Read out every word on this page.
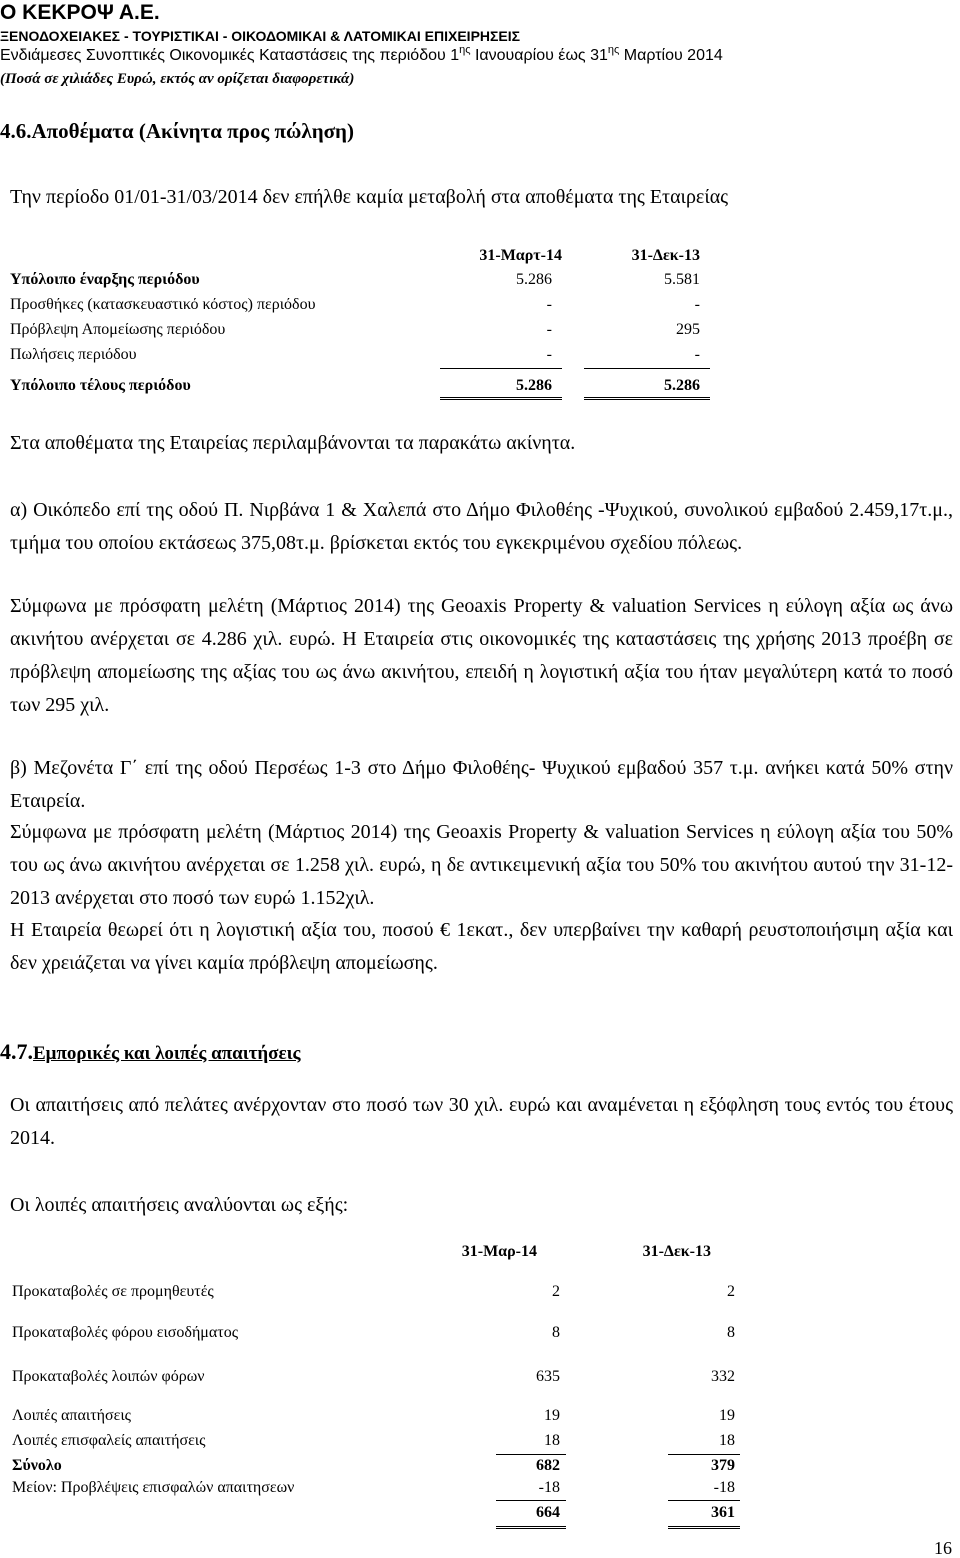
Ο ΚΕΚΡΟΨ Α.Ε.
ΞΕΝΟΔΟΧΕΙΑΚΕΣ - ΤΟΥΡΙΣΤΙΚΑΙ - ΟΙΚΟΔΟΜΙΚΑΙ & ΛΑΤΟΜΙΚΑΙ ΕΠΙΧΕΙΡΗΣΕΙΣ
Ενδιάμεσες Συνοπτικές Οικονομικές Καταστάσεις της περιόδου $1^{\eta\varsigma}$ Ιανουαρίου έως $31^{\eta\varsigma}$ Μαρτίου 2014
(Ποσά σε χιλιάδες Ευρώ, εκτός αν ορίζεται διαφορετικά)
4.6.Αποθέματα (Ακίνητα προς πώληση)
Την περίοδο 01/01-31/03/2014 δεν επήλθε καμία μεταβολή στα αποθέματα της Εταιρείας
31-Μαρτ-14	31-Δεκ-13
Υπόλοιπο έναρξης περιόδου	5.286	5.581
Προσθήκες (κατασκευαστικό κόστος) περιόδου	-	-
Πρόβλεψη Απομείωσης περιόδου	-	295
Πωλήσεις περιόδου	-	-
Υπόλοιπο τέλους περιόδου	5.286	5.286
Στα αποθέματα της Εταιρείας περιλαμβάνονται τα παρακάτω ακίνητα.
α) Οικόπεδο επί της οδού Π. Νιρβάνα 1 & Χαλεπά στο Δήμο Φιλοθέης -Ψυχικού, συνολικού εμβαδού 2.459,17τ.μ., τμήμα του οποίου εκτάσεως 375,08τ.μ. βρίσκεται εκτός του εγκεκριμένου σχεδίου πόλεως.
Σύμφωνα με πρόσφατη μελέτη (Μάρτιος 2014) της Geoaxis Property & valuation Services η εύλογη αξία ως άνω ακινήτου ανέρχεται σε 4.286 χιλ. ευρώ. Η Εταιρεία στις οικονομικές της καταστάσεις της χρήσης 2013 προέβη σε πρόβλεψη απομείωσης της αξίας του ως άνω ακινήτου, επειδή η λογιστική αξία του ήταν μεγαλύτερη κατά το ποσό των 295 χιλ.
β) Μεζονέτα Γ΄ επί της οδού Περσέως 1-3 στο Δήμο Φιλοθέης- Ψυχικού εμβαδού 357 τ.μ. ανήκει κατά 50% στην Εταιρεία.
Σύμφωνα με πρόσφατη μελέτη (Μάρτιος 2014) της Geoaxis Property & valuation Services η εύλογη αξία του 50% του ως άνω ακινήτου ανέρχεται σε 1.258 χιλ. ευρώ, η δε αντικειμενική αξία του 50% του ακινήτου αυτού την 31-12-2013 ανέρχεται στο ποσό των ευρώ 1.152χιλ.
Η Εταιρεία θεωρεί ότι η λογιστική αξία του, ποσού € 1εκατ., δεν υπερβαίνει την καθαρή ρευστοποιήσιμη αξία και δεν χρειάζεται να γίνει καμία πρόβλεψη απομείωσης.
4.7.Εμπορικές και λοιπές απαιτήσεις
Οι απαιτήσεις από πελάτες ανέρχονταν στο ποσό των 30 χιλ. ευρώ και αναμένεται η εξόφληση τους εντός του έτους 2014.
Οι λοιπές απαιτήσεις αναλύονται ως εξής:
31-Μαρ-14	31-Δεκ-13
Προκαταβολές σε προμηθευτές	2	2
Προκαταβολές φόρου εισοδήματος	8	8
Προκαταβολές λοιπών φόρων	635	332
Λοιπές απαιτήσεις	19	19
Λοιπές επισφαλείς απαιτήσεις	18	18
Σύνολο	682	379
Μείον: Προβλέψεις επισφαλών απαιτησεων	-18	-18
664	361
16
